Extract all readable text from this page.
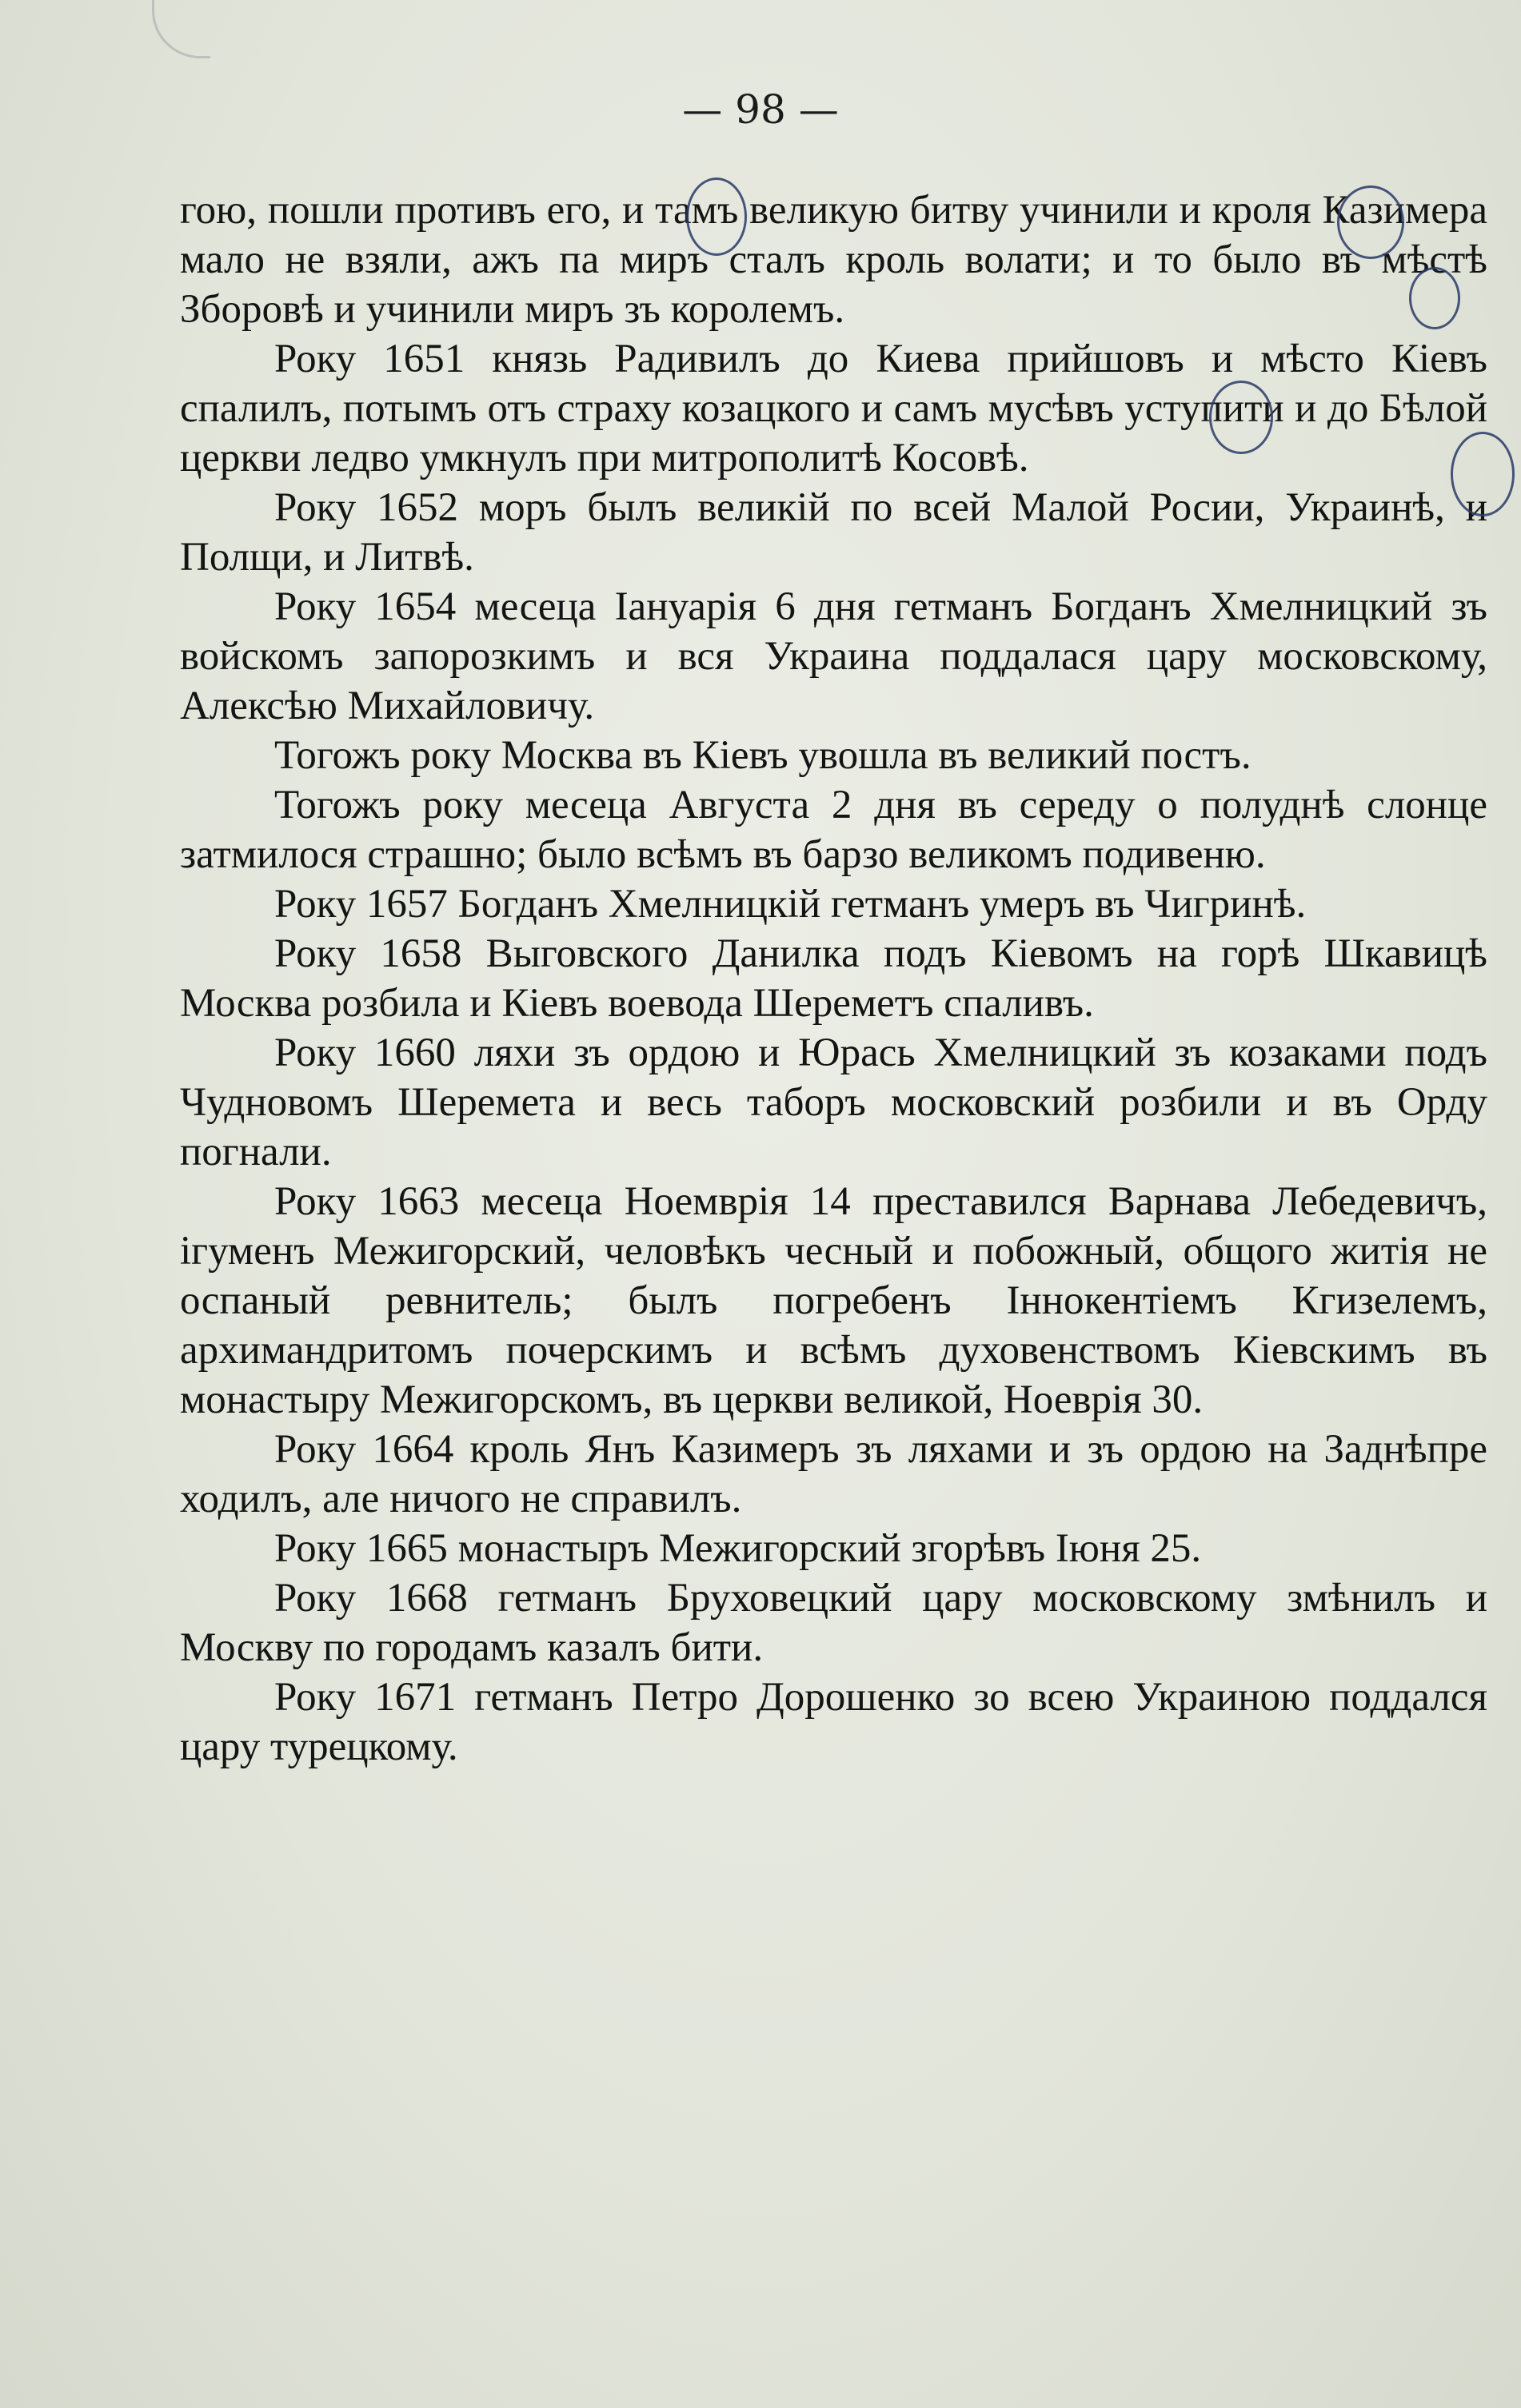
— 98 —

гою, пошли противъ его, и тамъ великую битву учинили и кроля Казимера мало не взяли, ажъ па миръ сталъ кроль волати; и то было въ мѣстѣ Зборовѣ и учинили миръ зъ королемъ.

Року 1651 князь Радивилъ до Киева прийшовъ и мѣсто Кіевъ спалилъ, потымъ отъ страху козацкого и самъ мусѣвъ уступити и до Бѣлой церкви ледво умкнулъ при митрополитѣ Косовѣ.

Року 1652 моръ былъ великій по всей Малой Росии, Украинѣ, и Полщи, и Литвѣ.

Року 1654 месеца Іануарія 6 дня гетманъ Богданъ Хмелницкий зъ войскомъ запорозкимъ и вся Украина поддалася цару московскому, Алексѣю Михайловичу.

Тогожъ року Москва въ Кіевъ увошла въ великий постъ.

Тогожъ року месеца Августа 2 дня въ середу о полуднѣ слонце затмилося страшно; было всѣмъ въ барзо великомъ подивеню.

Року 1657 Богданъ Хмелницкій гетманъ умеръ въ Чигринѣ.

Року 1658 Выговского Данилка подъ Кіевомъ на горѣ Шкавицѣ Москва розбила и Кіевъ воевода Шереметъ спаливъ.

Року 1660 ляхи зъ ордою и Юрась Хмелницкий зъ козаками подъ Чудновомъ Шеремета и весь таборъ московский розбили и въ Орду погнали.

Року 1663 месеца Ноемврія 14 преставился Варнава Лебедевичъ, ігуменъ Межигорский, человѣкъ чесный и побожный, общого житія не оспаный ревнитель; былъ погребенъ Іннокентіемъ Кгизелемъ, архимандритомъ почерскимъ и всѣмъ духовенствомъ Кіевскимъ въ монастыру Межигорскомъ, въ церкви великой, Ноеврія 30.

Року 1664 кроль Янъ Казимеръ зъ ляхами и зъ ордою на Заднѣпре ходилъ, але ничого не справилъ.

Року 1665 монастыръ Межигорский згорѣвъ Іюня 25.

Року 1668 гетманъ Бруховецкий цару московскому змѣнилъ и Москву по городамъ казалъ бити.

Року 1671 гетманъ Петро Дорошенко зо всею Украиною поддался цару турецкому.
